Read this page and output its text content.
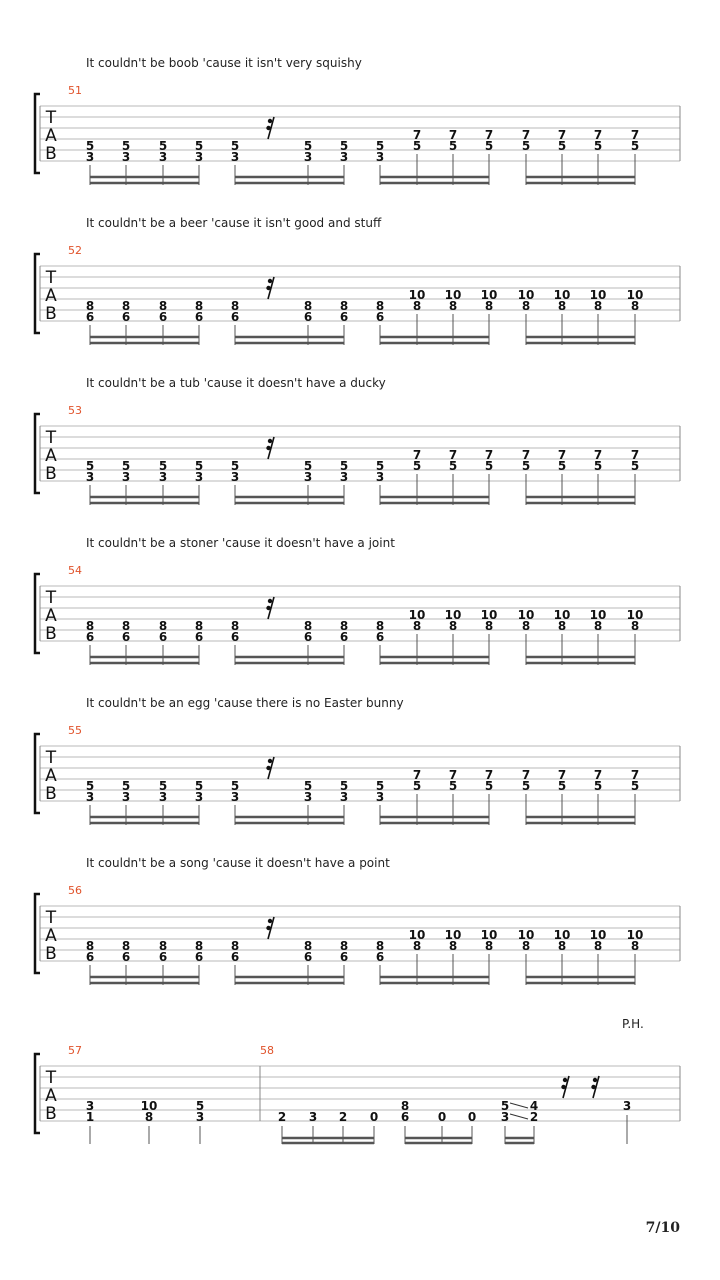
It couldn't be boob 'cause it isn't very squishy
51
T
A
B 5
3
5
3
5
3
5
3
5
3
5
3
5
3
5
3
7
5
7
5
7
5
7
5
7
5
7
5
7
5
It couldn't be a beer 'cause it isn't good and stuff
52
T
A
B 8
6
8
6
8
6
8
6
8
6
8
6
8
6
8
6
10
8
10
8
10
8
10
8
10
8
10
8
10
8
It couldn't be a tub 'cause it doesn't have a ducky
53
T
A
B 5
3
5
3
5
3
5
3
5
3
5
3
5
3
5
3
7
5
7
5
7
5
7
5
7
5
7
5
7
5
It couldn't be a stoner 'cause it doesn't have a joint
54
T
A
B 8
6
8
6
8
6
8
6
8
6
8
6
8
6
8
6
10
8
10
8
10
8
10
8
10
8
10
8
10
8
It couldn't be an egg 'cause there is no Easter bunny
55
T
A
B 5
3
5
3
5
3
5
3
5
3
5
3
5
3
5
3
7
5
7
5
7
5
7
5
7
5
7
5
7
5
It couldn't be a song 'cause it doesn't have a point
56
T
A
B 8
6
8
6
8
6
8
6
8
6
8
6
8
6
8
6
10
8
10
8
10
8
10
8
10
8
10
8
10
8
T
A
B
57	58
P.H.
3
1
10
8
5
3	2 3 2 0
8
6 0 0
5
3
4
2
3
7/10
